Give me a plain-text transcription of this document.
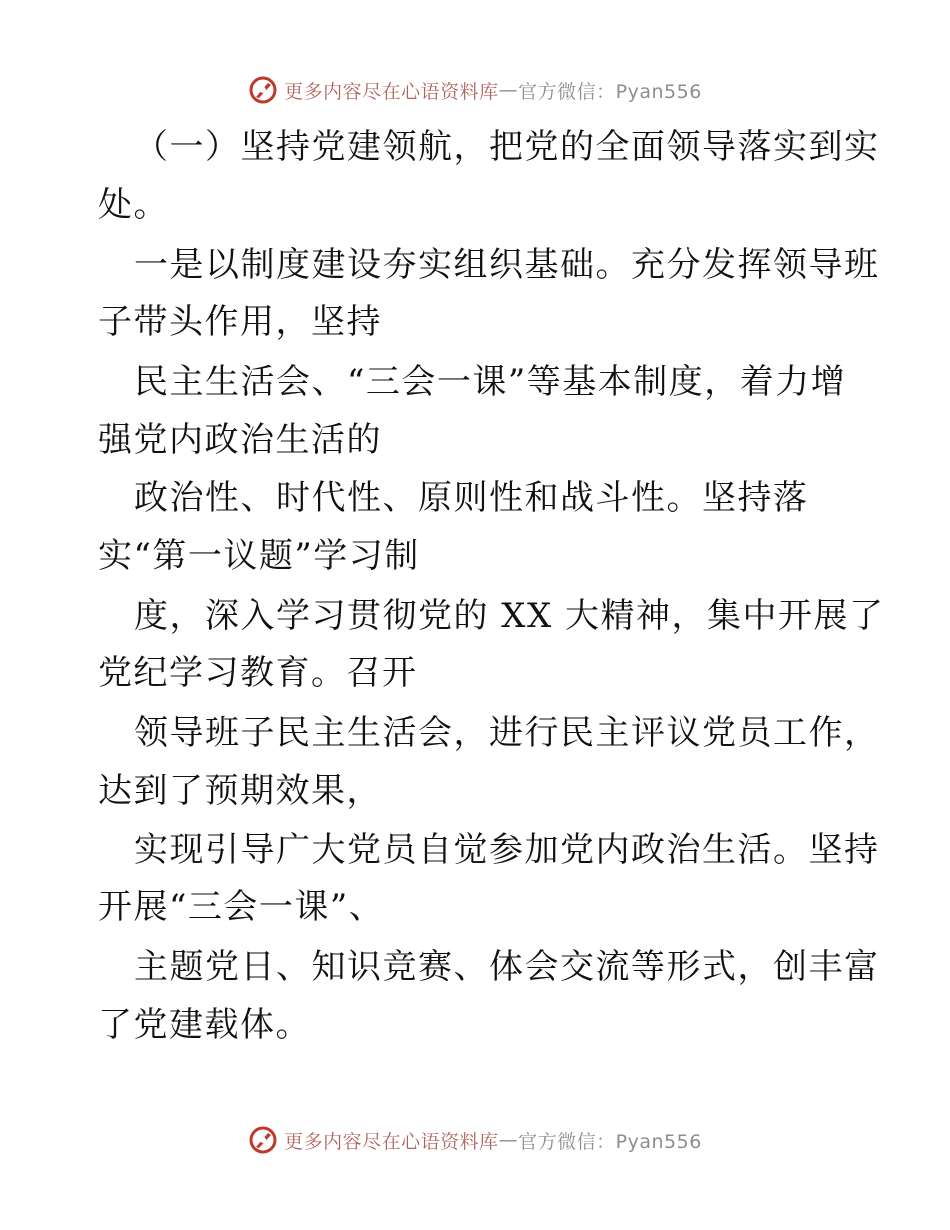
更多内容尽在心语资料库 — 官方微信：Pyan556
（一）坚持党建领航，把党的全面领导落实到实
处。
一是以制度建设夯实组织基础。充分发挥领导班
子带头作用，坚持
民主生活会、“三会一课”等基本制度，着力增
强党内政治生活的
政治性、时代性、原则性和战斗性。坚持落
实“第一议题”学习制
度，深入学习贯彻党的 XX 大精神，集中开展了
党纪学习教育。召开
领导班子民主生活会，进行民主评议党员工作，
达到了预期效果，
实现引导广大党员自觉参加党内政治生活。坚持
开展“三会一课”、
主题党日、知识竞赛、体会交流等形式，创丰富
了党建载体。
更多内容尽在心语资料库 — 官方微信：Pyan556
